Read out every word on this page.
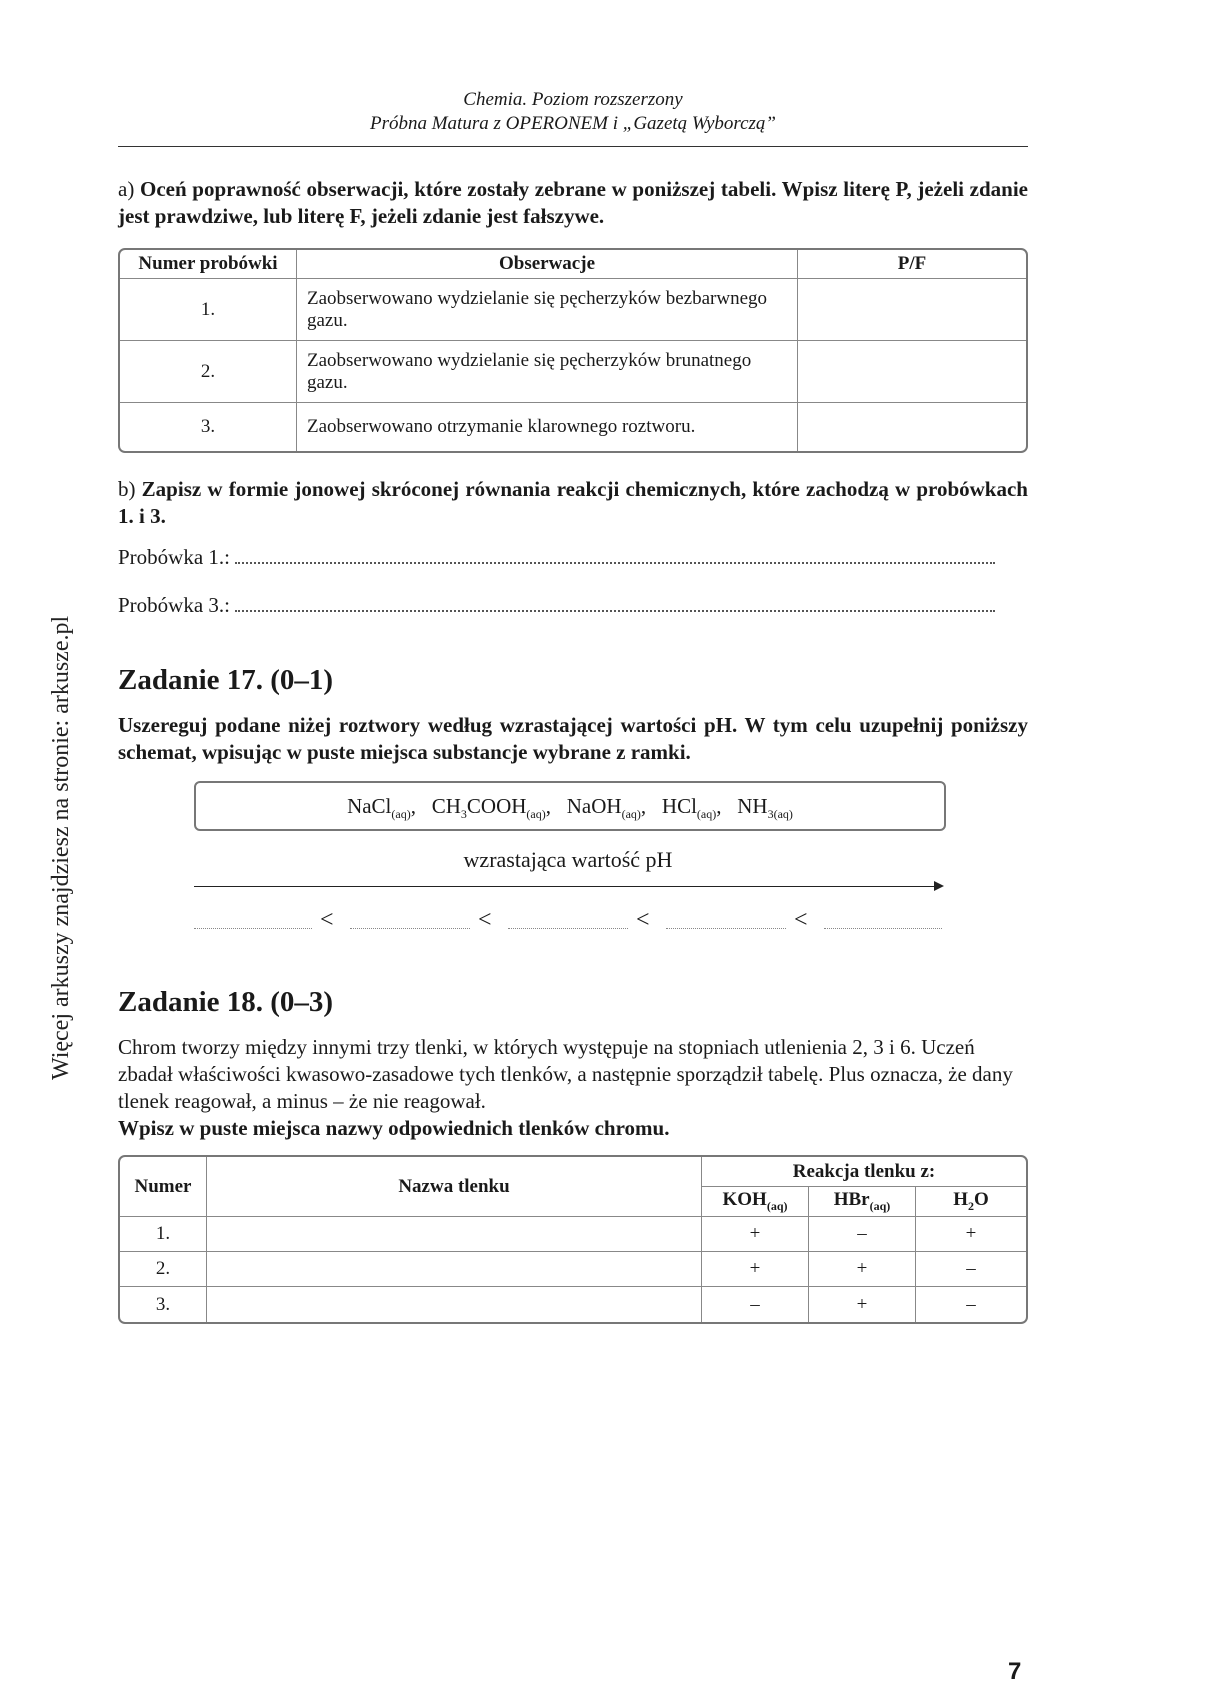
Więcej arkuszy znajdziesz na stronie: arkusze.pl
Chemia. Poziom rozszerzony
Próbna Matura z OPERONEM i „Gazetą Wyborczą”
a) Oceń poprawność obserwacji, które zostały zebrane w poniższej tabeli. Wpisz literę P, jeżeli zdanie jest prawdziwe, lub literę F, jeżeli zdanie jest fałszywe.
Numer probówki	Obserwacje	P/F
1.	Zaobserwowano wydzielanie się pęcherzyków bezbarwnego gazu.	
2.	Zaobserwowano wydzielanie się pęcherzyków brunatnego gazu.	
3.	Zaobserwowano otrzymanie klarownego roztworu.	
b) Zapisz w formie jonowej skróconej równania reakcji chemicznych, które zachodzą w probówkach 1. i 3.
Probówka 1.:
Probówka 3.:
Zadanie 17. (0–1)
Uszereguj podane niżej roztwory według wzrastającej wartości pH. W tym celu uzupełnij poniższy schemat, wpisując w puste miejsca substancje wybrane z ramki.
NaCl$_{(aq)}$, $CH_3COOH_{(aq)}$, NaOH$_{(aq)}$, HCl$_{(aq)}$, $NH_{3(aq)}$
wzrastająca wartość pH
<	<	<	<
Zadanie 18. (0–3)
Chrom tworzy między innymi trzy tlenki, w których występuje na stopniach utlenienia 2, 3 i 6. Uczeń zbadał właściwości kwasowo-zasadowe tych tlenków, a następnie sporządził tabelę. Plus oznacza, że dany tlenek reagował, a minus – że nie reagował.
Wpisz w puste miejsca nazwy odpowiednich tlenków chromu.
Numer	Nazwa tlenku	Reakcja tlenku z:		
		$KOH_{(aq)}$	HBr$_{(aq)}$	$H_2O$
1.		+	–	+
2.		+	+	–
3.		–	+	–
7
